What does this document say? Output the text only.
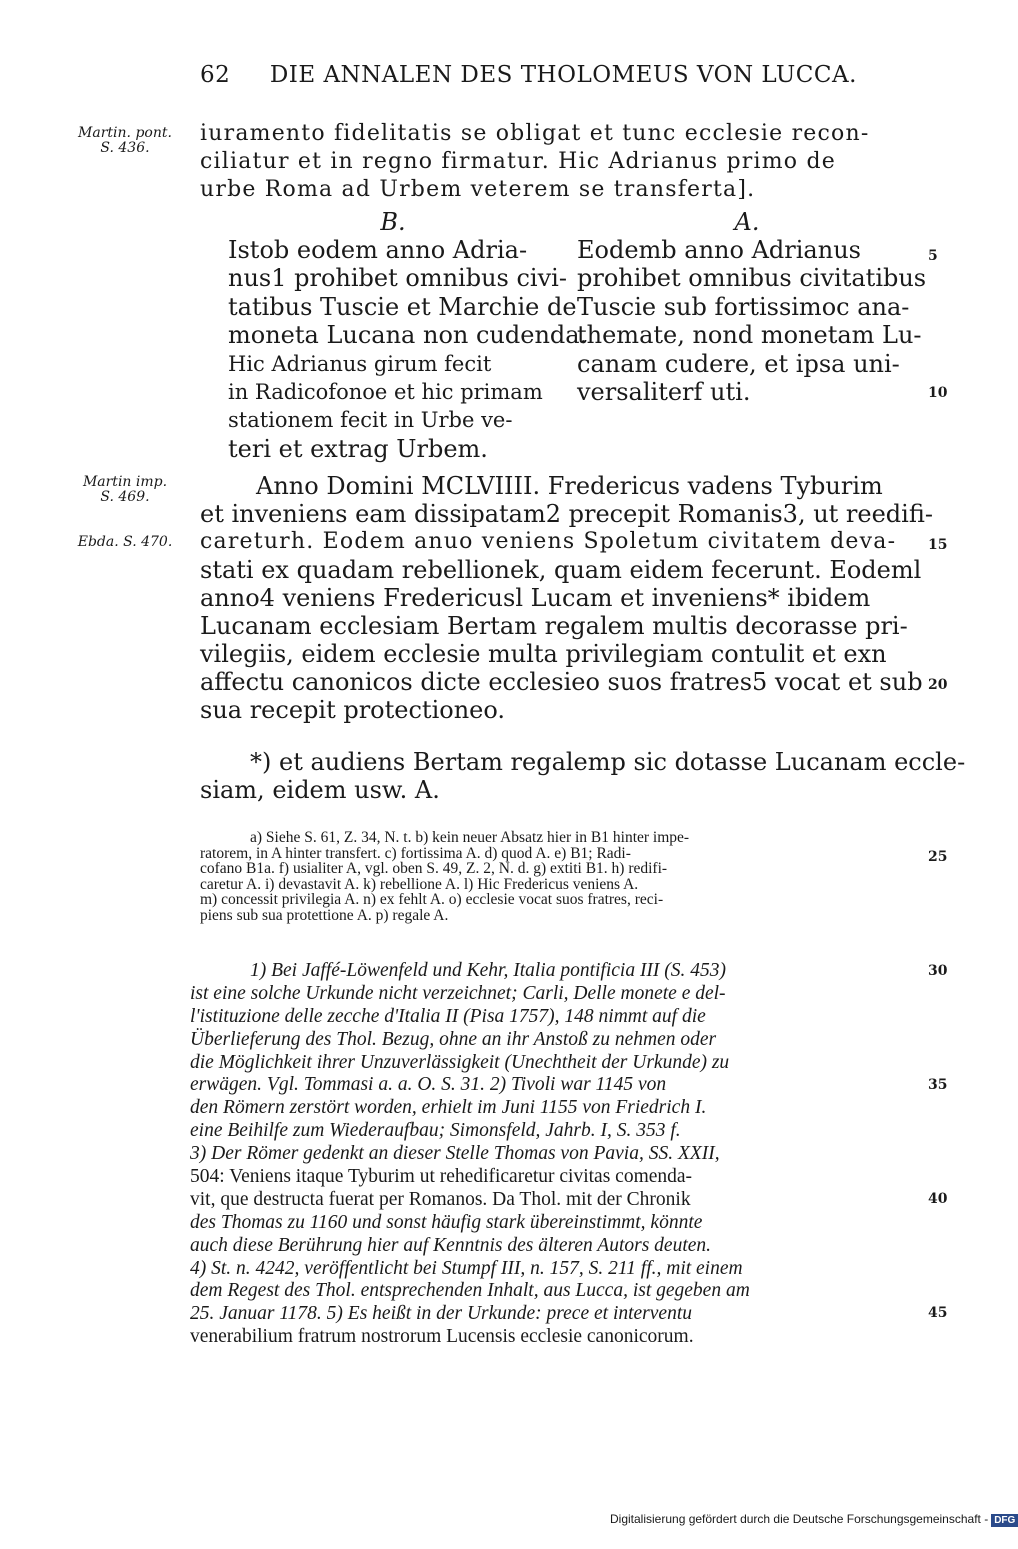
62 DIE ANNALEN DES THOLOMEUS VON LUCCA.
Martin. pont.
S. 436.
Martin imp.
S. 469.
Ebda. S. 470.
5
10
15
20
25
30
35
40
45
iuramento fidelitatis se obligat et tunc ecclesie recon-
ciliatur et in regno firmatur. Hic Adrianus primo de
urbe Roma ad Urbem veterem se transferta].
B.
Istob eodem anno Adria-
nus1 prohibet omnibus civi-
tatibus Tuscie et Marchie de
moneta Lucana non cudenda.
Hic Adrianus girum fecit
in Radicofonoe et hic primam
stationem fecit in Urbe ve-
teri et extrag Urbem.
A.
Eodemb anno Adrianus
prohibet omnibus civitatibus
Tuscie sub fortissimoc ana-
themate, nond monetam Lu-
canam cudere, et ipsa uni-
versaliterf uti.
Anno Domini MCLVIIII. Fredericus vadens Tyburim
et inveniens eam dissipatam2 precepit Romanis3, ut reedifi-
careturh. Eodem anuo veniens Spoletum civitatem deva-
stati ex quadam rebellionek, quam eidem fecerunt. Eodeml
anno4 veniens Fredericusl Lucam et inveniens* ibidem
Lucanam ecclesiam Bertam regalem multis decorasse pri-
vilegiis, eidem ecclesie multa privilegiam contulit et exn
affectu canonicos dicte ecclesieo suos fratres5 vocat et sub
sua recepit protectioneo.
*) et audiens Bertam regalemp sic dotasse Lucanam eccle-
siam, eidem usw. A.
a) Siehe S. 61, Z. 34, N. t. b) kein neuer Absatz hier in B1 hinter impe-
ratorem, in A hinter transfert. c) fortissima A. d) quod A. e) B1; Radi-
cofano B1a. f) usialiter A, vgl. oben S. 49, Z. 2, N. d. g) extiti B1. h) redifi-
caretur A. i) devastavit A. k) rebellione A. l) Hic Fredericus veniens A.
m) concessit privilegia A. n) ex fehlt A. o) ecclesie vocat suos fratres, reci-
piens sub sua protettione A. p) regale A.
1) Bei Jaffé-Löwenfeld und Kehr, Italia pontificia III (S. 453)
ist eine solche Urkunde nicht verzeichnet; Carli, Delle monete e del-
l'istituzione delle zecche d'Italia II (Pisa 1757), 148 nimmt auf die
Überlieferung des Thol. Bezug, ohne an ihr Anstoß zu nehmen oder
die Möglichkeit ihrer Unzuverlässigkeit (Unechtheit der Urkunde) zu
erwägen. Vgl. Tommasi a. a. O. S. 31. 2) Tivoli war 1145 von
den Römern zerstört worden, erhielt im Juni 1155 von Friedrich I.
eine Beihilfe zum Wiederaufbau; Simonsfeld, Jahrb. I, S. 353 f.
3) Der Römer gedenkt an dieser Stelle Thomas von Pavia, SS. XXII,
504: Veniens itaque Tyburim ut rehedificaretur civitas comenda-
vit, que destructa fuerat per Romanos. Da Thol. mit der Chronik
des Thomas zu 1160 und sonst häufig stark übereinstimmt, könnte
auch diese Berührung hier auf Kenntnis des älteren Autors deuten.
4) St. n. 4242, veröffentlicht bei Stumpf III, n. 157, S. 211 ff., mit einem
dem Regest des Thol. entsprechenden Inhalt, aus Lucca, ist gegeben am
25. Januar 1178. 5) Es heißt in der Urkunde: prece et interventu
venerabilium fratrum nostrorum Lucensis ecclesie canonicorum.
Digitalisierung gefördert durch die Deutsche Forschungsgemeinschaft - DFG
